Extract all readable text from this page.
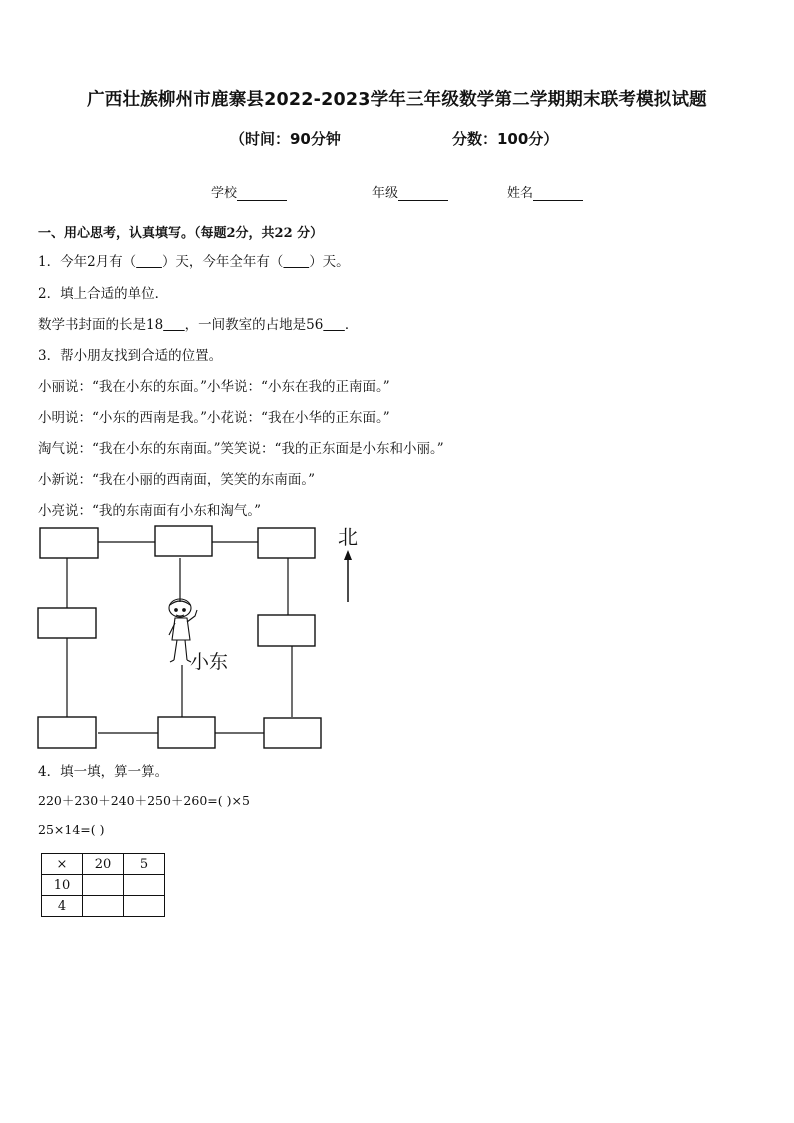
广西壮族柳州市鹿寨县2022-2023学年三年级数学第二学期期末联考模拟试题
（时间：90分钟	分数：100分）
学校	年级	姓名
一、用心思考，认真填写。（每题2分，共22 分）
1．今年2月有（ ）天，今年全年有（ ）天。
2．填上合适的单位．
数学书封面的长是18 ，一间教室的占地是56 ．
3．帮小朋友找到合适的位置。
小丽说：“我在小东的东面。”小华说：“小东在我的正南面。”
小明说：“小东的西南是我。”小花说：“我在小华的正东面。”
淘气说：“我在小东的东南面。”笑笑说：“我的正东面是小东和小丽。”
小新说：“我在小丽的西南面，笑笑的东南面。”
小亮说：“我的东南面有小东和淘气。”
北
小东
4．填一填，算一算。
220＋230＋240＋250＋260=( )×5
25×14=( )
×	20	5
10		
4		
